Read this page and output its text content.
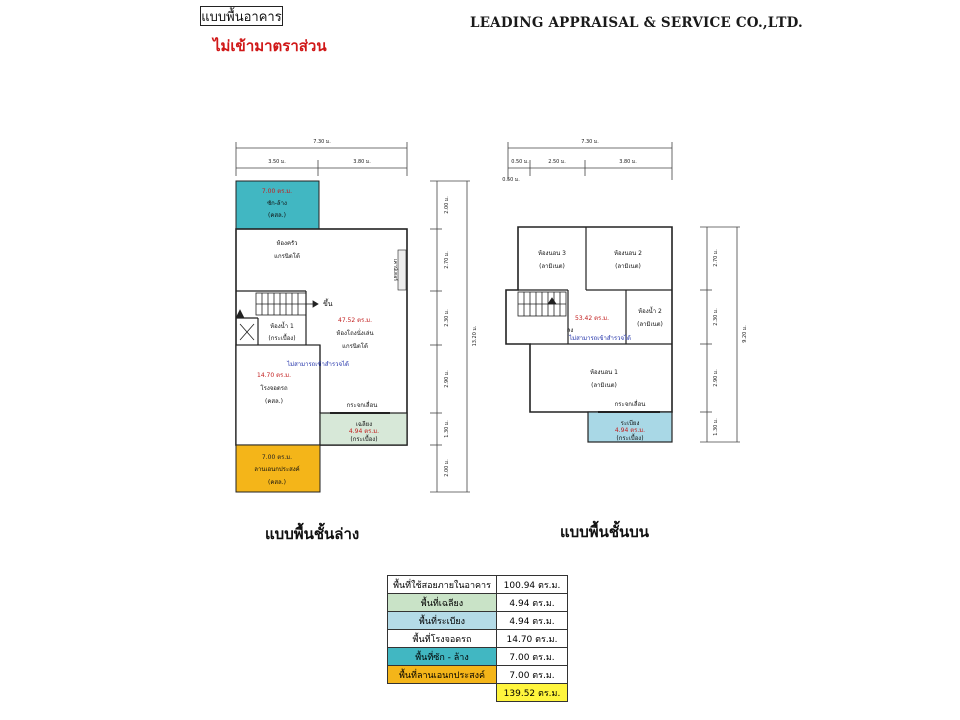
แบบพื้นอาคาร
ไม่เข้ามาตราส่วน
LEADING APPRAISAL & SERVICE CO.,LTD.
7.30 ม.
3.50 ม.	3.80 ม.
2.00 ม.
2.70 ม.
2.30 ม.
2.90 ม.
1.30 ม.
2.00 ม.
13.20 ม.
7.00 ตร.ม.
ซัก-ล้าง
(คสล.)
เคาน์เตอร์
ห้องครัว
แกรนิตโต้
ขึ้น
ห้องน้ำ 1
(กระเบื้อง)
47.52 ตร.ม.
ห้องโถงนั่งเล่น
แกรนิตโต้
ไม่สามารถเข้าสำรวจได้
14.70 ตร.ม.
โรงจอดรถ
(คสล.)
กระจกเลื่อน
เฉลียง
4.94 ตร.ม.
(กระเบื้อง)
7.00 ตร.ม.
ลานเอนกประสงค์
(คสล.)
7.30 ม.
0.50 ม.	2.50 ม.	3.80 ม.
0.50 ม.
2.70 ม.
2.30 ม.
2.90 ม.
1.30 ม.
9.20 ม.
ห้องนอน 3
(ลามิเนต)
ห้องนอน 2
(ลามิเนต)
53.42 ตร.ม.
ลง
ห้องน้ำ 2
(ลามิเนต)
ไม่สามารถเข้าสำรวจได้
ห้องนอน 1
(ลามิเนต)
กระจกเลื่อน
ระเบียง
4.94 ตร.ม.
(กระเบื้อง)
แบบพื้นชั้นล่าง	แบบพื้นชั้นบน
พื้นที่ใช้สอยภายในอาคาร	100.94 ตร.ม.
พื้นที่เฉลียง	4.94 ตร.ม.
พื้นที่ระเบียง	4.94 ตร.ม.
พื้นที่โรงจอดรถ	14.70 ตร.ม.
พื้นที่ซัก - ล้าง	7.00 ตร.ม.
พื้นที่ลานเอนกประสงค์	7.00 ตร.ม.
	139.52 ตร.ม.
